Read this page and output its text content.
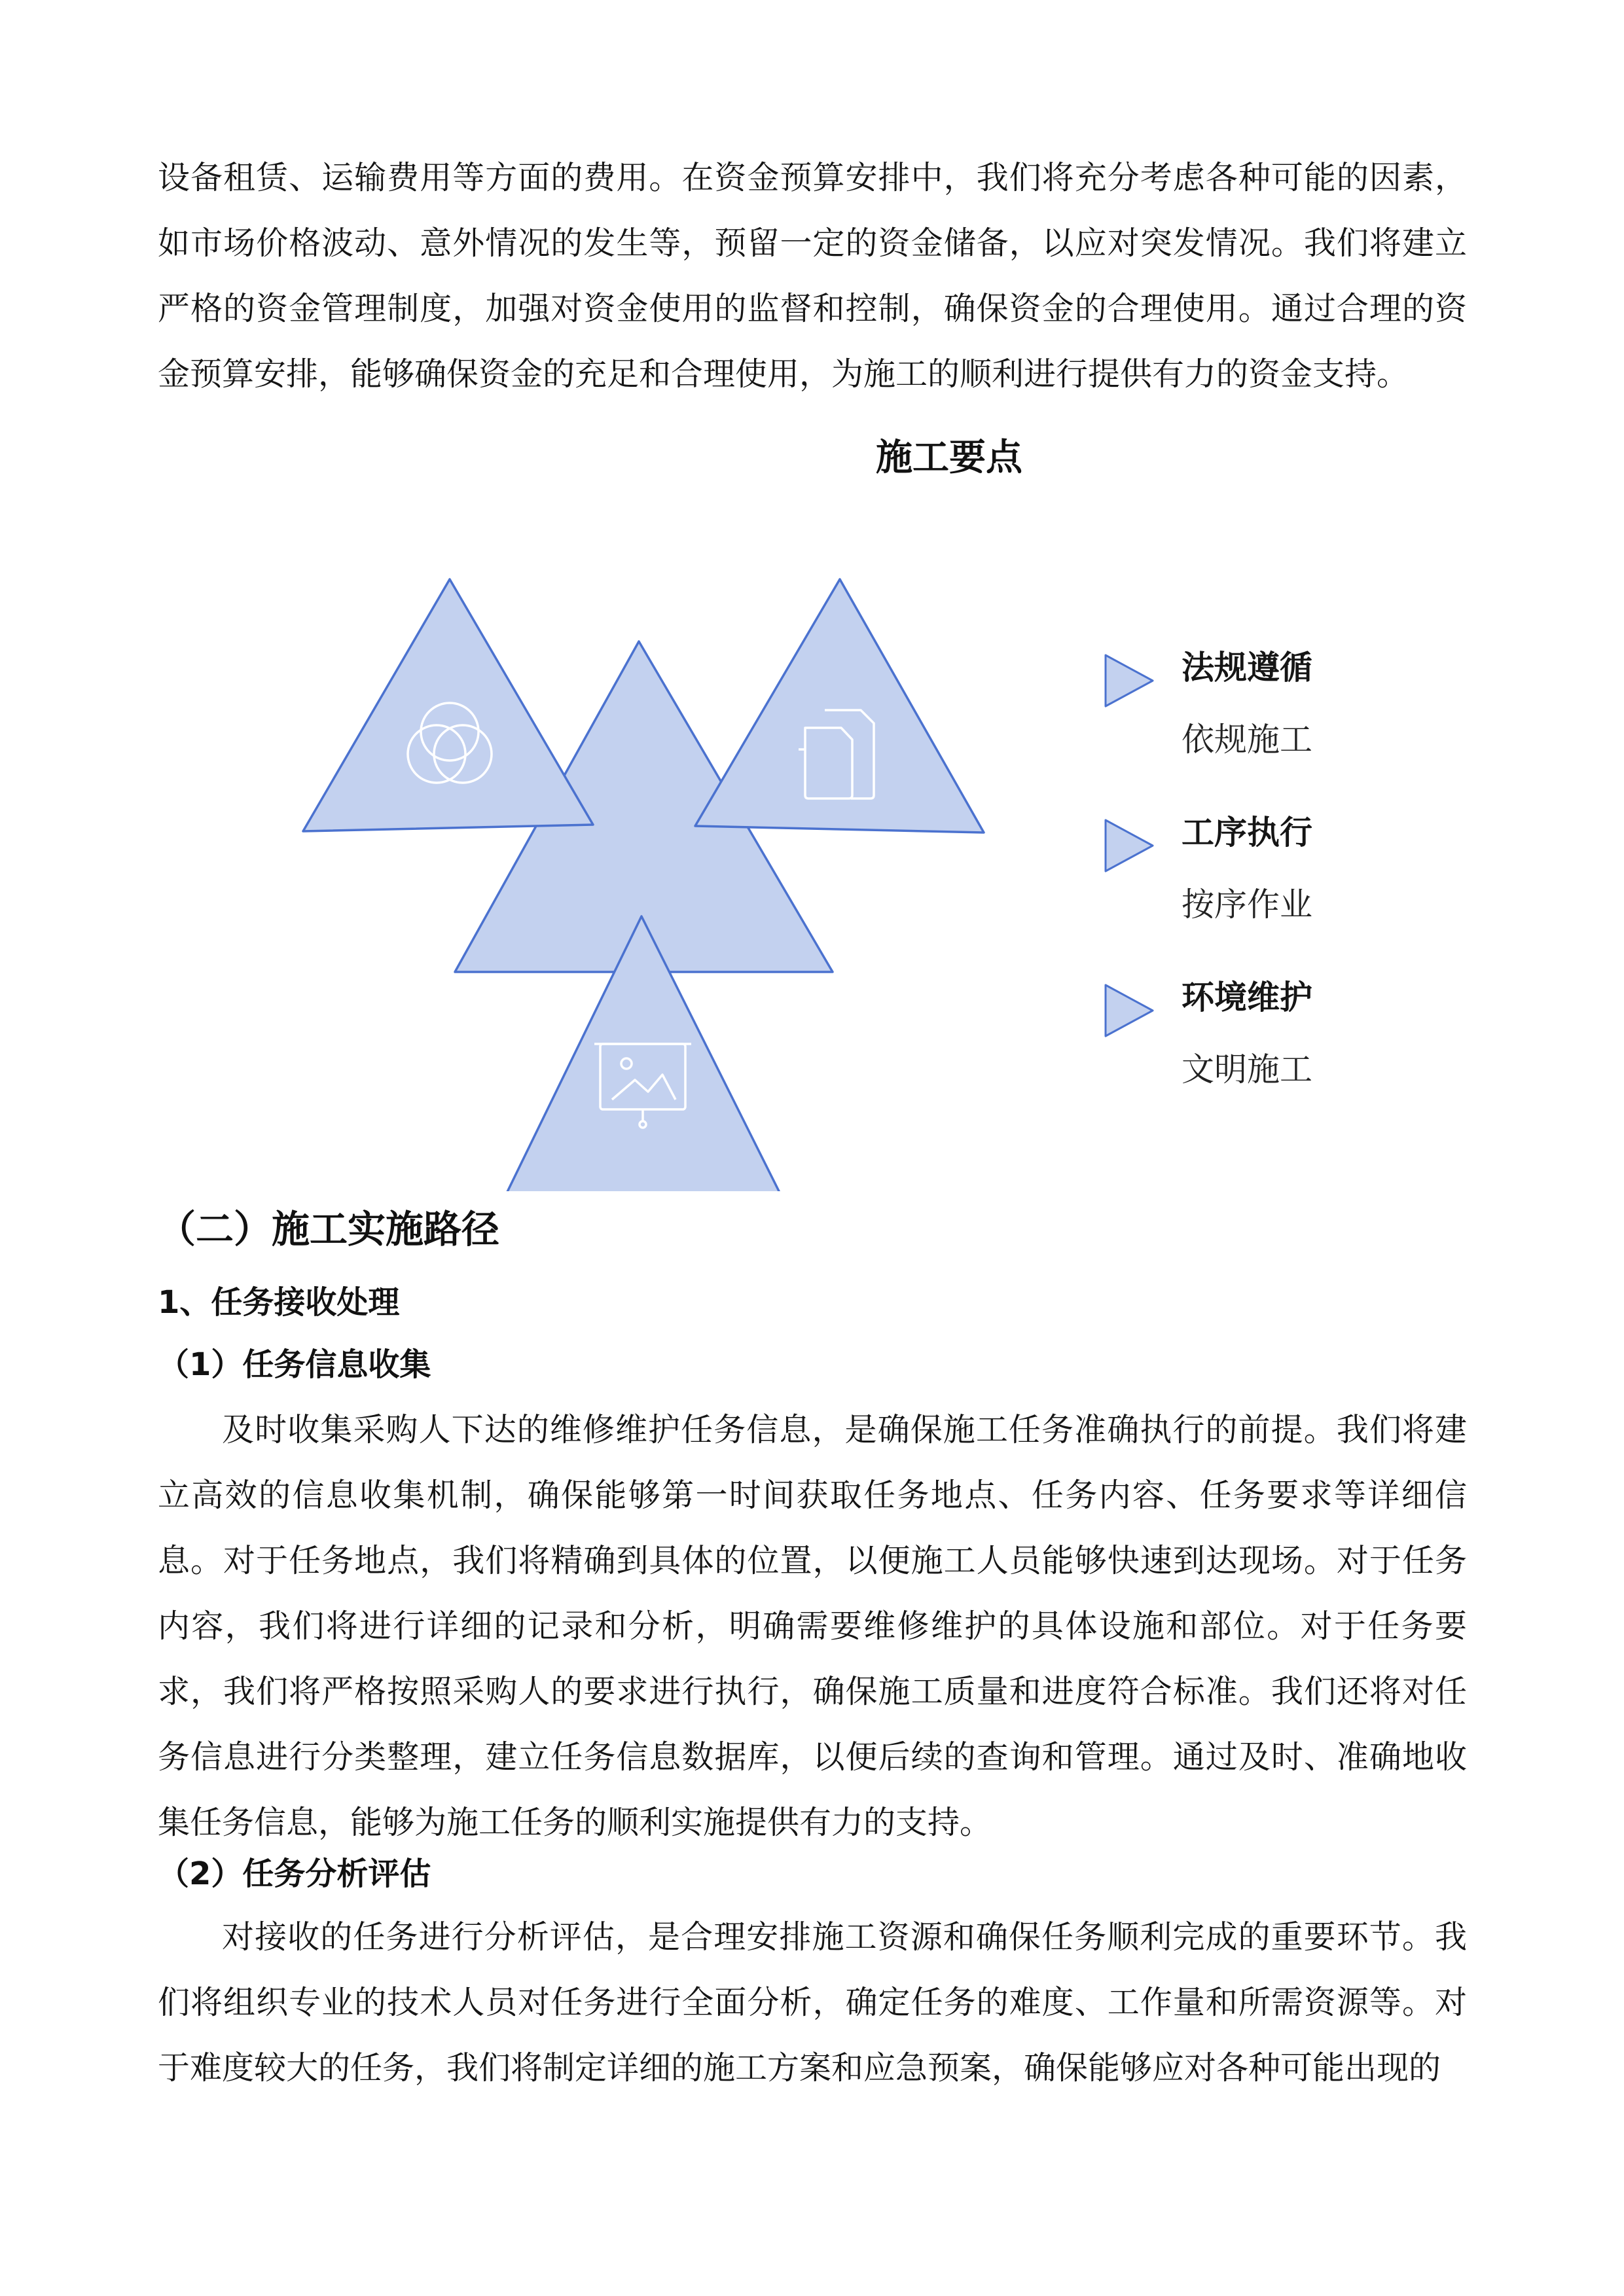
设备租赁、运输费用等方面的费用。在资金预算安排中，我们将充分考虑各种可能的因素，如市场价格波动、意外情况的发生等，预留一定的资金储备，以应对突发情况。我们将建立严格的资金管理制度，加强对资金使用的监督和控制，确保资金的合理使用。通过合理的资金预算安排，能够确保资金的充足和合理使用，为施工的顺利进行提供有力的资金支持。

施工要点

法规遵循

依规施工

工序执行

按序作业

环境维护

文明施工

（二）施工实施路径
1、任务接收处理
（1）任务信息收集

及时收集采购人下达的维修维护任务信息，是确保施工任务准确执行的前提。我们将建立高效的信息收集机制，确保能够第一时间获取任务地点、任务内容、任务要求等详细信息。对于任务地点，我们将精确到具体的位置，以便施工人员能够快速到达现场。对于任务内容，我们将进行详细的记录和分析，明确需要维修维护的具体设施和部位。对于任务要求，我们将严格按照采购人的要求进行执行，确保施工质量和进度符合标准。我们还将对任务信息进行分类整理，建立任务信息数据库，以便后续的查询和管理。通过及时、准确地收集任务信息，能够为施工任务的顺利实施提供有力的支持。

（2）任务分析评估

对接收的任务进行分析评估，是合理安排施工资源和确保任务顺利完成的重要环节。我们将组织专业的技术人员对任务进行全面分析，确定任务的难度、工作量和所需资源等。对于难度较大的任务，我们将制定详细的施工方案和应急预案，确保能够应对各种可能出现的
